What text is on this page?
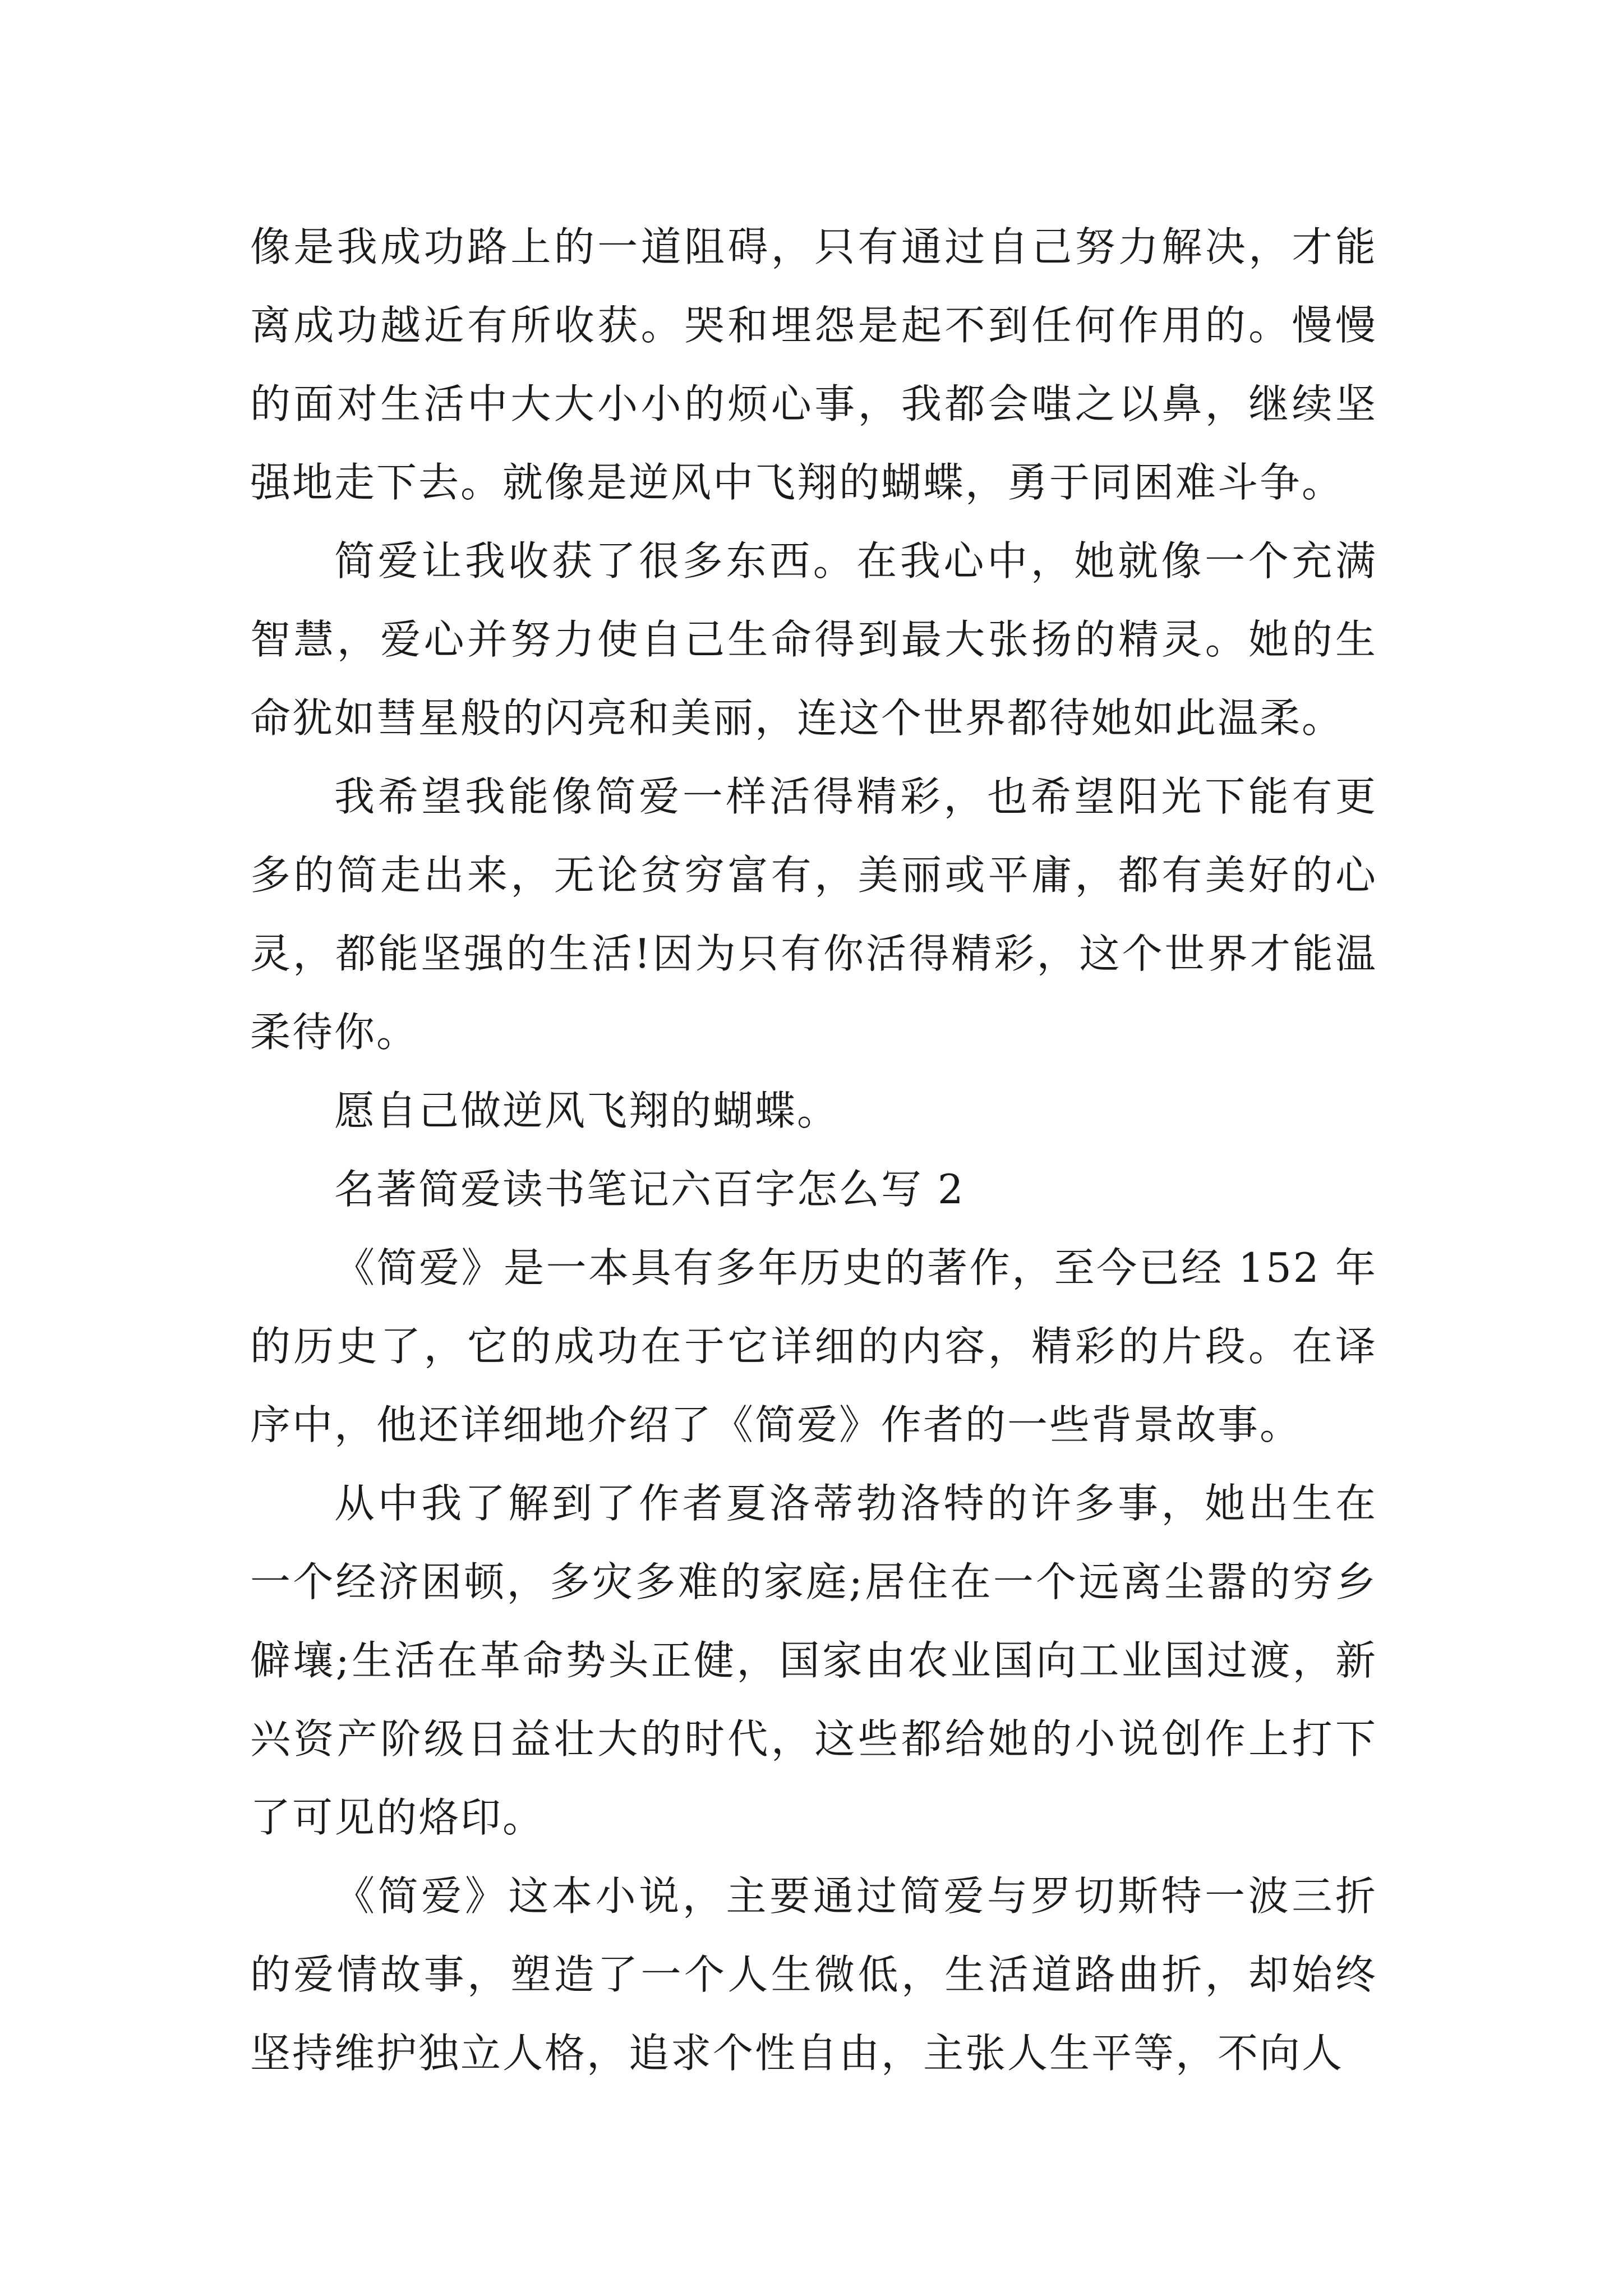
像是我成功路上的一道阻碍，只有通过自己努力解决，才能离成功越近有所收获。哭和埋怨是起不到任何作用的。慢慢的面对生活中大大小小的烦心事，我都会嗤之以鼻，继续坚强地走下去。就像是逆风中飞翔的蝴蝶，勇于同困难斗争。

简爱让我收获了很多东西。在我心中，她就像一个充满智慧，爱心并努力使自己生命得到最大张扬的精灵。她的生命犹如彗星般的闪亮和美丽，连这个世界都待她如此温柔。

我希望我能像简爱一样活得精彩，也希望阳光下能有更多的简走出来，无论贫穷富有，美丽或平庸，都有美好的心灵，都能坚强的生活!因为只有你活得精彩，这个世界才能温柔待你。

愿自己做逆风飞翔的蝴蝶。

名著简爱读书笔记六百字怎么写 2

《简爱》是一本具有多年历史的著作，至今已经 152 年的历史了，它的成功在于它详细的内容，精彩的片段。在译序中，他还详细地介绍了《简爱》作者的一些背景故事。

从中我了解到了作者夏洛蒂勃洛特的许多事，她出生在一个经济困顿，多灾多难的家庭;居住在一个远离尘嚣的穷乡僻壤;生活在革命势头正健，国家由农业国向工业国过渡，新兴资产阶级日益壮大的时代，这些都给她的小说创作上打下了可见的烙印。

《简爱》这本小说，主要通过简爱与罗切斯特一波三折的爱情故事，塑造了一个人生微低，生活道路曲折，却始终坚持维护独立人格，追求个性自由，主张人生平等，不向人
